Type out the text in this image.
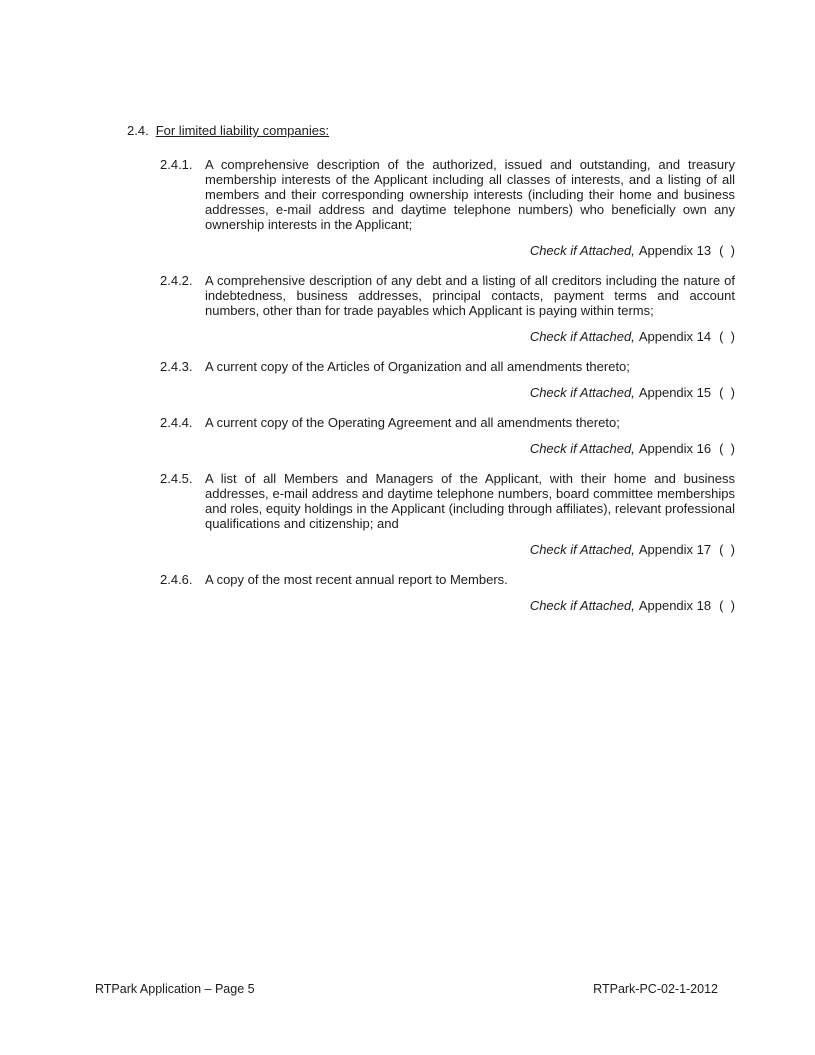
2.4. For limited liability companies:
2.4.1. A comprehensive description of the authorized, issued and outstanding, and treasury membership interests of the Applicant including all classes of interests, and a listing of all members and their corresponding ownership interests (including their home and business addresses, e-mail address and daytime telephone numbers) who beneficially own any ownership interests in the Applicant;

Check if Attached, Appendix 13 (  )
2.4.2. A comprehensive description of any debt and a listing of all creditors including the nature of indebtedness, business addresses, principal contacts, payment terms and account numbers, other than for trade payables which Applicant is paying within terms;

Check if Attached, Appendix 14 (  )
2.4.3. A current copy of the Articles of Organization and all amendments thereto;

Check if Attached, Appendix 15 (  )
2.4.4. A current copy of the Operating Agreement and all amendments thereto;

Check if Attached, Appendix 16 (  )
2.4.5. A list of all Members and Managers of the Applicant, with their home and business addresses, e-mail address and daytime telephone numbers, board committee memberships and roles, equity holdings in the Applicant (including through affiliates), relevant professional qualifications and citizenship; and

Check if Attached, Appendix 17 (  )
2.4.6. A copy of the most recent annual report to Members.

Check if Attached, Appendix 18 (  )
RTPark Application – Page 5	RTPark-PC-02-1-2012
